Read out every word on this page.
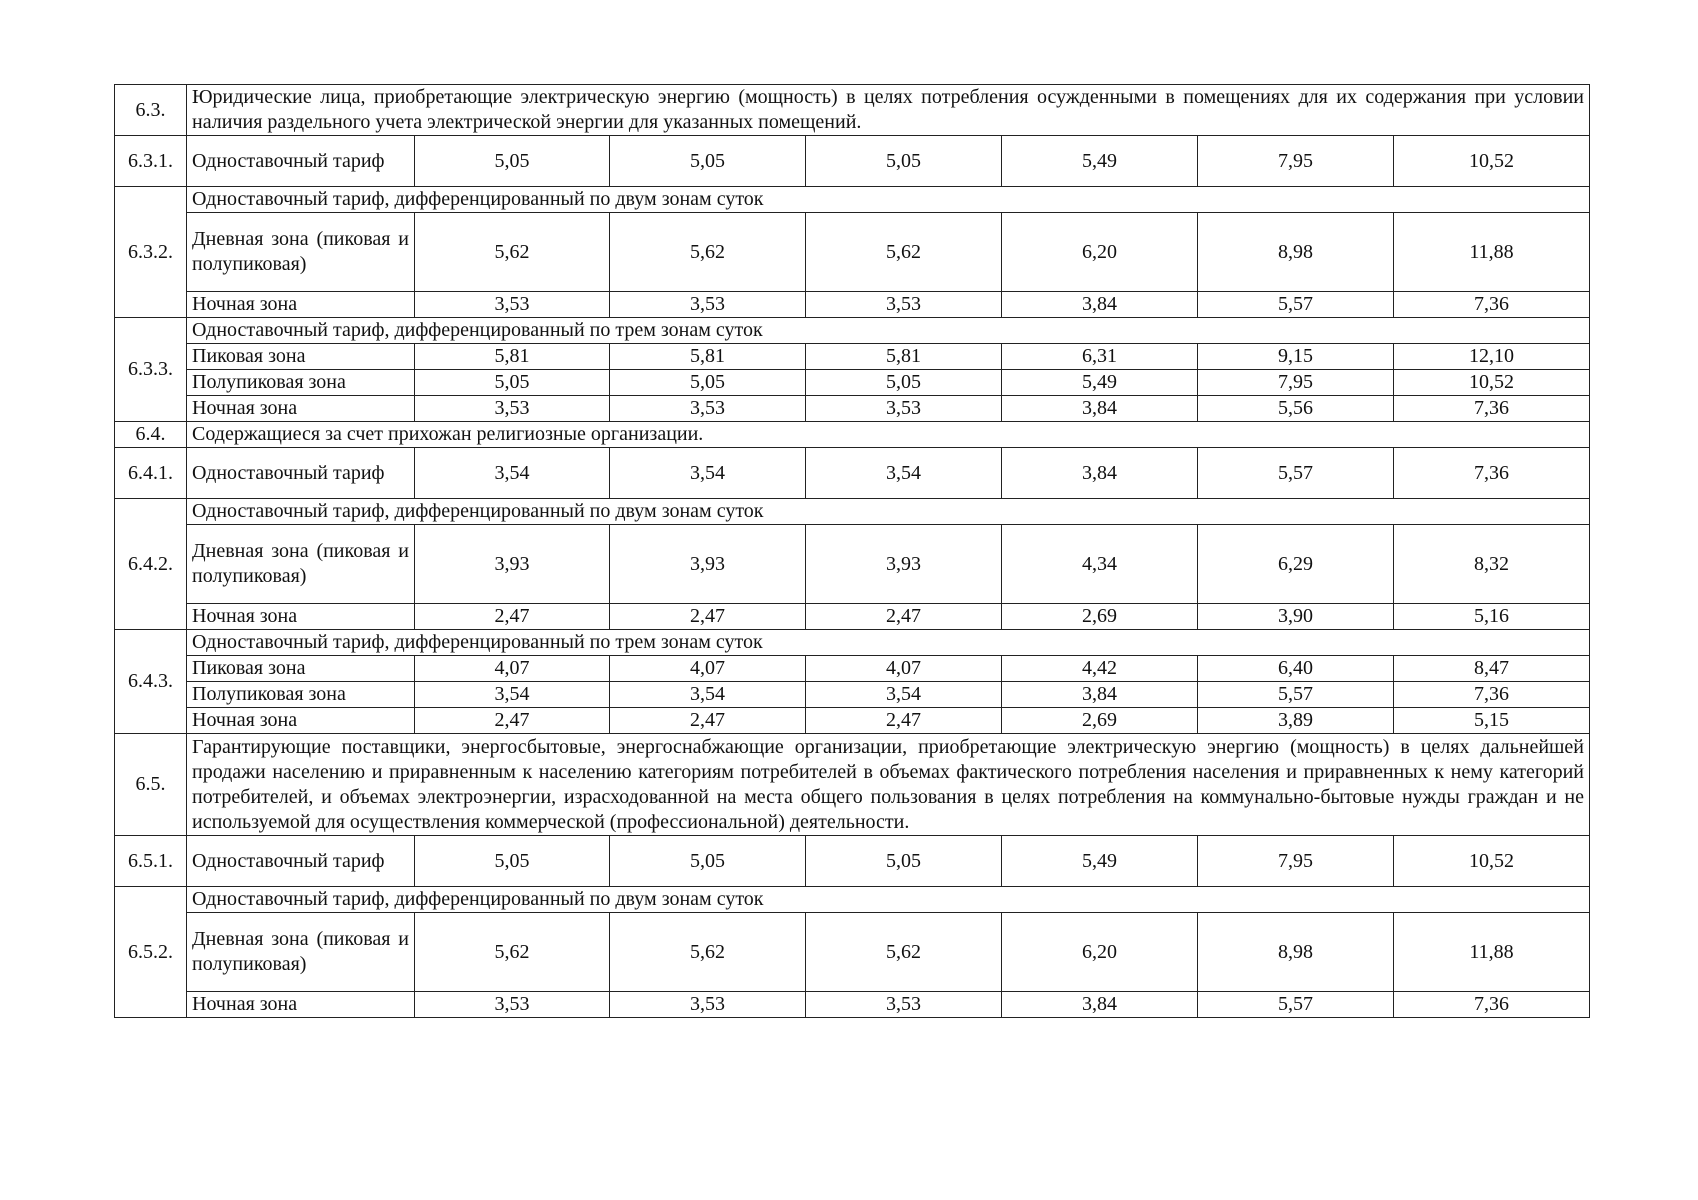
6.3.	Юридические лица, приобретающие электрическую энергию (мощность) в целях потребления осужденными в помещениях для их содержания при условии наличия раздельного учета электрической энергии для указанных помещений.						
6.3.1.	Одноставочный тариф	5,05	5,05	5,05	5,49	7,95	10,52
6.3.2.	Одноставочный тариф, дифференцированный по двум зонам суток						
	Дневная зона (пиковая и полупиковая)	5,62	5,62	5,62	6,20	8,98	11,88
	Ночная зона	3,53	3,53	3,53	3,84	5,57	7,36
6.3.3.	Одноставочный тариф, дифференцированный по трем зонам суток						
	Пиковая зона	5,81	5,81	5,81	6,31	9,15	12,10
	Полупиковая зона	5,05	5,05	5,05	5,49	7,95	10,52
	Ночная зона	3,53	3,53	3,53	3,84	5,56	7,36
6.4.	Содержащиеся за счет прихожан религиозные организации.						
6.4.1.	Одноставочный тариф	3,54	3,54	3,54	3,84	5,57	7,36
6.4.2.	Одноставочный тариф, дифференцированный по двум зонам суток						
	Дневная зона (пиковая и полупиковая)	3,93	3,93	3,93	4,34	6,29	8,32
	Ночная зона	2,47	2,47	2,47	2,69	3,90	5,16
6.4.3.	Одноставочный тариф, дифференцированный по трем зонам суток						
	Пиковая зона	4,07	4,07	4,07	4,42	6,40	8,47
	Полупиковая зона	3,54	3,54	3,54	3,84	5,57	7,36
	Ночная зона	2,47	2,47	2,47	2,69	3,89	5,15
6.5.	Гарантирующие поставщики, энергосбытовые, энергоснабжающие организации, приобретающие электрическую энергию (мощность) в целях дальнейшей продажи населению и приравненным к населению категориям потребителей в объемах фактического потребления населения и приравненных к нему категорий потребителей, и объемах электроэнергии, израсходованной на места общего пользования в целях потребления на коммунально-бытовые нужды граждан и не используемой для осуществления коммерческой (профессиональной) деятельности.						
6.5.1.	Одноставочный тариф	5,05	5,05	5,05	5,49	7,95	10,52
6.5.2.	Одноставочный тариф, дифференцированный по двум зонам суток						
	Дневная зона (пиковая и полупиковая)	5,62	5,62	5,62	6,20	8,98	11,88
	Ночная зона	3,53	3,53	3,53	3,84	5,57	7,36
